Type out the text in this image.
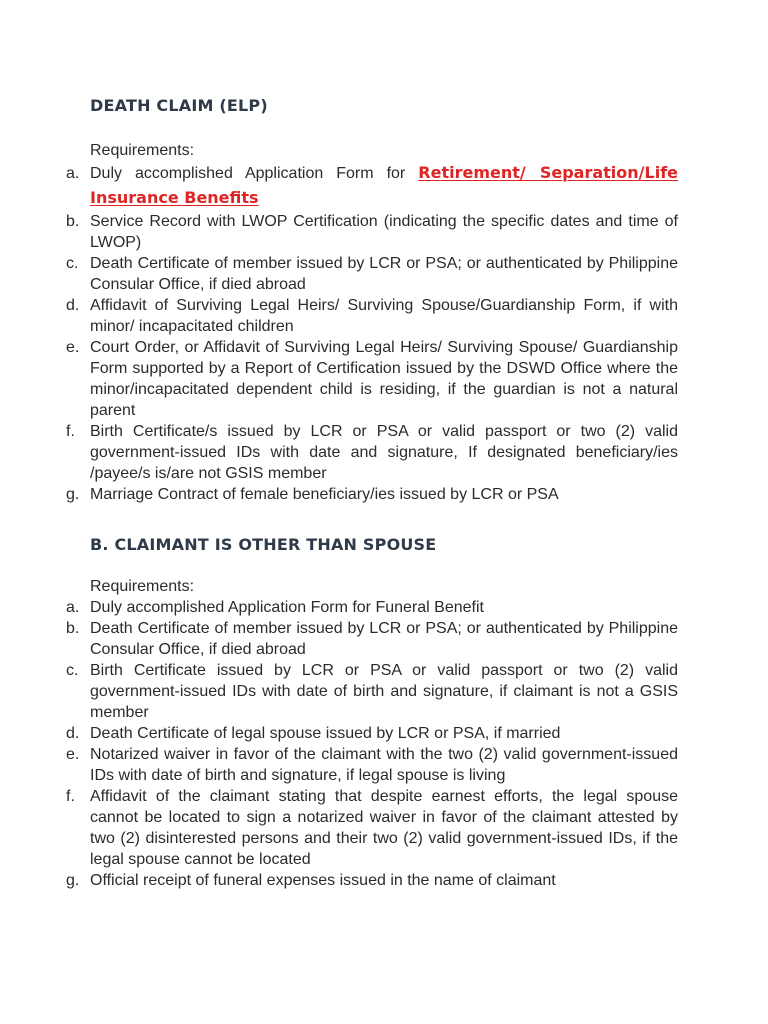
DEATH CLAIM (ELP)
Requirements:
a. Duly accomplished Application Form for Retirement/ Separation/Life Insurance Benefits
b. Service Record with LWOP Certification (indicating the specific dates and time of LWOP)
c. Death Certificate of member issued by LCR or PSA; or authenticated by Philippine Consular Office, if died abroad
d. Affidavit of Surviving Legal Heirs/ Surviving Spouse/Guardianship Form, if with minor/ incapacitated children
e. Court Order, or Affidavit of Surviving Legal Heirs/ Surviving Spouse/ Guardianship Form supported by a Report of Certification issued by the DSWD Office where the minor/incapacitated dependent child is residing, if the guardian is not a natural parent
f. Birth Certificate/s issued by LCR or PSA or valid passport or two (2) valid government-issued IDs with date and signature, If designated beneficiary/ies /payee/s is/are not GSIS member
g. Marriage Contract of female beneficiary/ies issued by LCR or PSA
B. CLAIMANT IS OTHER THAN SPOUSE
Requirements:
a. Duly accomplished Application Form for Funeral Benefit
b. Death Certificate of member issued by LCR or PSA; or authenticated by Philippine Consular Office, if died abroad
c. Birth Certificate issued by LCR or PSA or valid passport or two (2) valid government-issued IDs with date of birth and signature, if claimant is not a GSIS member
d. Death Certificate of legal spouse issued by LCR or PSA, if married
e. Notarized waiver in favor of the claimant with the two (2) valid government-issued IDs with date of birth and signature, if legal spouse is living
f. Affidavit of the claimant stating that despite earnest efforts, the legal spouse cannot be located to sign a notarized waiver in favor of the claimant attested by two (2) disinterested persons and their two (2) valid government-issued IDs, if the legal spouse cannot be located
g. Official receipt of funeral expenses issued in the name of claimant
